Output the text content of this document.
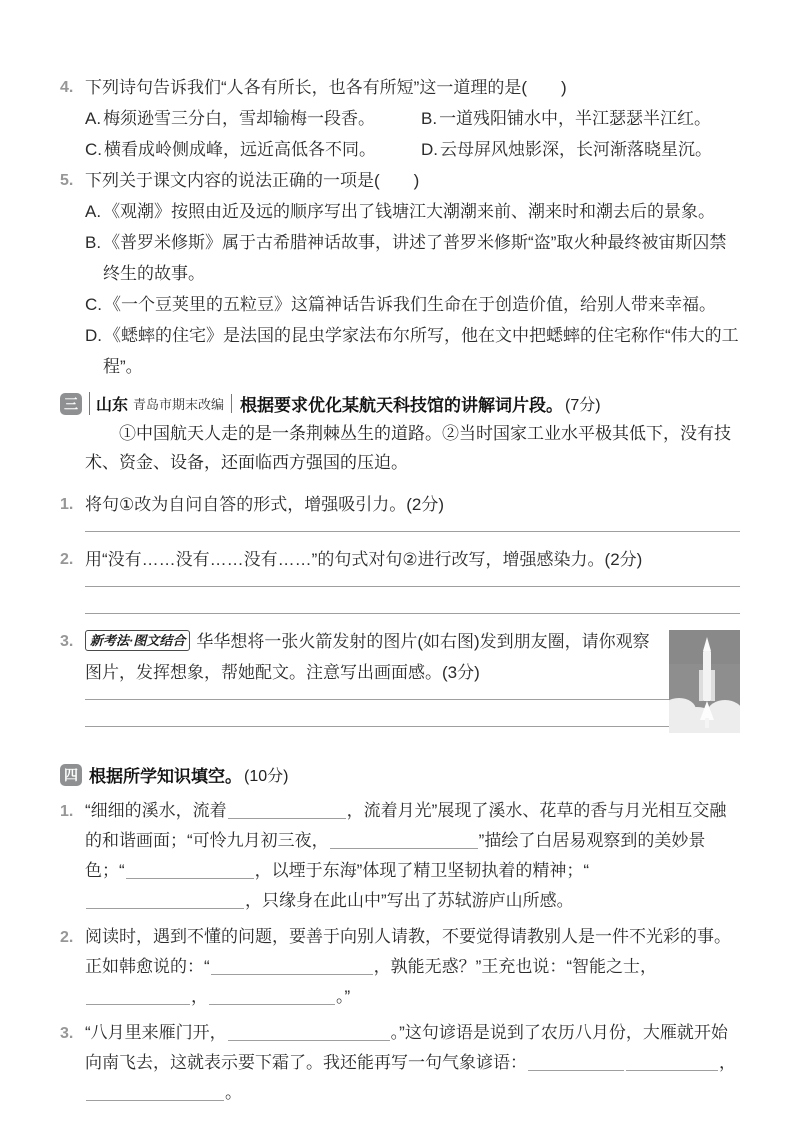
4. 下列诗句告诉我们“人各有所长，也各有所短”这一道理的是(　　)
A. 梅须逊雪三分白，雪却输梅一段香。	B. 一道残阳铺水中，半江瑟瑟半江红。
C. 横看成岭侧成峰，远近高低各不同。	D. 云母屏风烛影深，长河渐落晓星沉。
5. 下列关于课文内容的说法正确的一项是(　　)
A. 《观潮》按照由近及远的顺序写出了钱塘江大潮潮来前、潮来时和潮去后的景象。
B. 《普罗米修斯》属于古希腊神话故事，讲述了普罗米修斯“盗”取火种最终被宙斯囚禁终生的故事。
C. 《一个豆荚里的五粒豆》这篇神话告诉我们生命在于创造价值，给别人带来幸福。
D. 《蟋蟀的住宅》是法国的昆虫学家法布尔所写，他在文中把蟋蟀的住宅称作“伟大的工程”。
三	山东 青岛市期末改编 根据要求优化某航天科技馆的讲解词片段。 (7分)
①中国航天人走的是一条荆棘丛生的道路。②当时国家工业水平极其低下，没有技术、资金、设备，还面临西方强国的压迫。
1. 将句①改为自问自答的形式，增强吸引力。(2分)
2. 用“没有……没有……没有……”的句式对句②进行改写，增强感染力。(2分)
3.	新考法·图文结合 华华想将一张火箭发射的图片(如右图)发到朋友圈，请你观察图片，发挥想象，帮她配文。注意写出画面感。(3分)
四 根据所学知识填空。 (10分)
1. “细细的溪水，流着	，流着月光”展现了溪水、花草的香与月光相互交融的和谐画面；“可怜九月初三夜，	”描绘了白居易观察到的美妙景色；“	，以堙于东海”体现了精卫坚韧执着的精神；“，只缘身在此山中”写出了苏轼游庐山所感。
2. 阅读时，遇到不懂的问题，要善于向别人请教，不要觉得请教别人是一件不光彩的事。正如韩愈说的：“	，孰能无惑？”王充也说：“智能之士，，	。”
3. “八月里来雁门开，	。”这句谚语是说到了农历八月份，大雁就开始向南飞去，这就表示要下霜了。我还能再写一句气象谚语：	，。
